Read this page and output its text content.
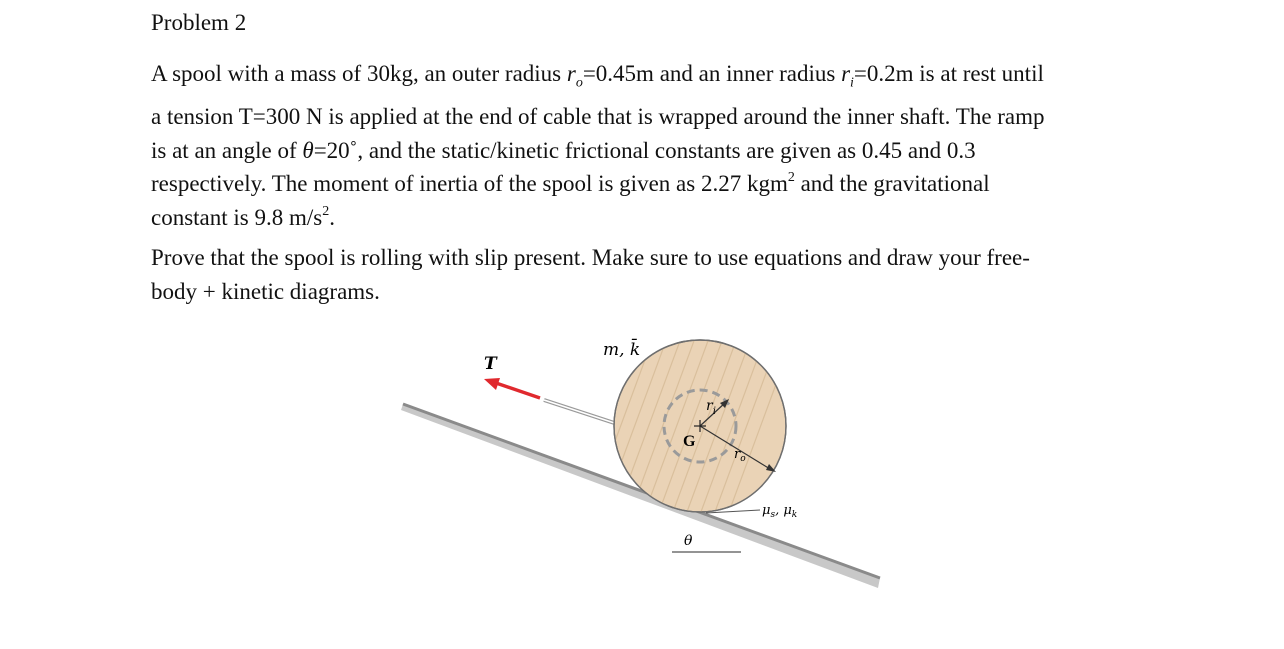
Problem 2
A spool with a mass of 30kg, an outer radius $r_o=0.45m$ and an inner radius $r_i=0.2m$ is at rest until
a tension T=300 N is applied at the end of cable that is wrapped around the inner shaft. The ramp
is at an angle of θ=20˚, and the static/kinetic frictional constants are given as 0.45 and 0.3
respectively. The moment of inertia of the spool is given as 2.27 kgm$^2$ and the gravitational
constant is 9.8 $m/s^2$.
Prove that the spool is rolling with slip present. Make sure to use equations and draw your free-
body + kinetic diagrams.
T
m, k̄
$r_i$
G
$r_o$
$\mu_s$, $\mu_k$
θ
